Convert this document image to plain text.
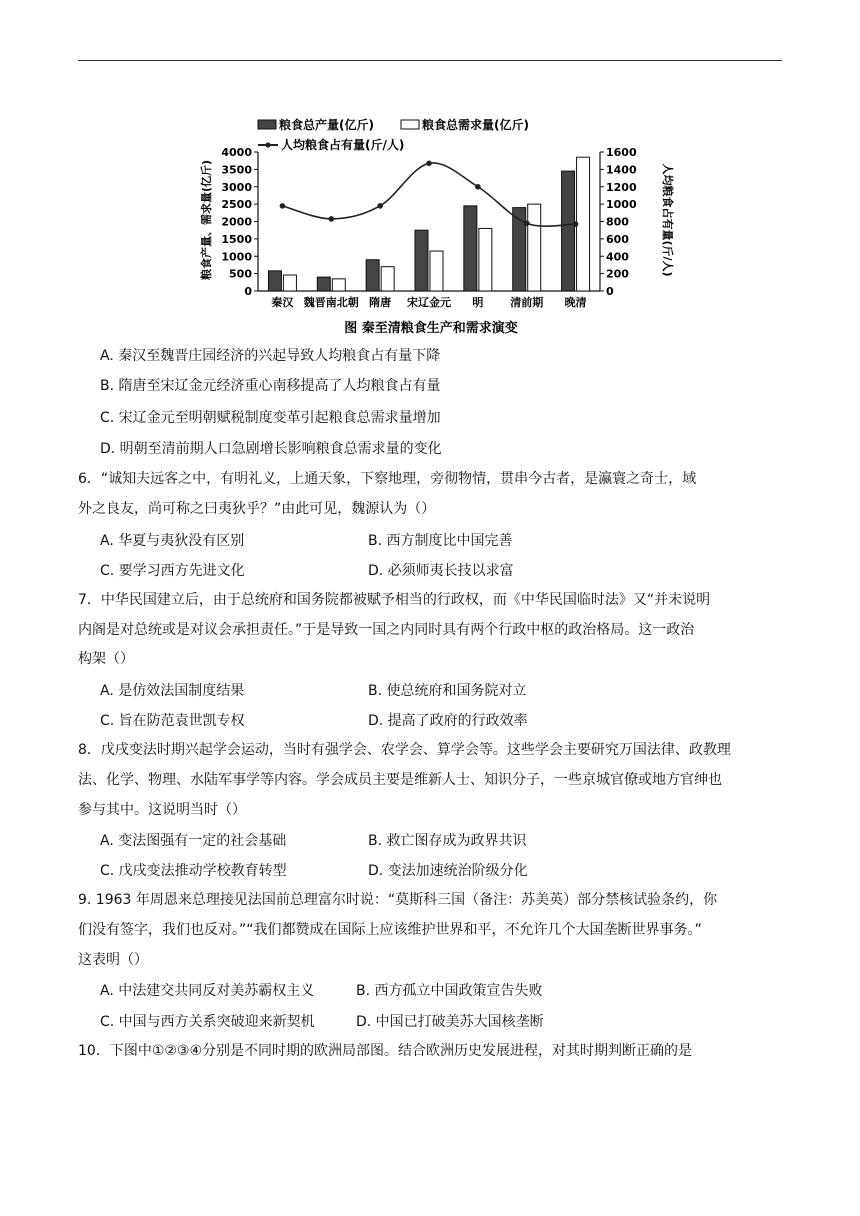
粮食总产量(亿斤)	粮食总需求量(亿斤)
人均粮食占有量(斤/人)
粮食产量、需求量(亿斤)	人均粮食占有量(斤/人)
图 秦至清粮食生产和需求演变
4000
3500
3000
2500
2000
1500
1000
500
0
1600
1400
1200
1000
800
600
400
200
0
秦汉 魏晋南北朝 隋唐 宋辽金元 明 清前期 晚清
A. 秦汉至魏晋庄园经济的兴起导致人均粮食占有量下降
B. 隋唐至宋辽金元经济重心南移提高了人均粮食占有量
C. 宋辽金元至明朝赋税制度变革引起粮食总需求量增加
D. 明朝至清前期人口急剧增长影响粮食总需求量的变化
6．“诚知夫远客之中，有明礼义，上通天象，下察地理，旁彻物情，贯串今古者，是瀛寰之奇士，域
外之良友，尚可称之曰夷狄乎？”由此可见，魏源认为（）
A. 华夏与夷狄没有区别	B. 西方制度比中国完善
C. 要学习西方先进文化	D. 必须师夷长技以求富
7．中华民国建立后，由于总统府和国务院都被赋予相当的行政权，而《中华民国临时法》又“并未说明
内阁是对总统或是对议会承担责任。”于是导致一国之内同时具有两个行政中枢的政治格局。这一政治
构架（）
A. 是仿效法国制度结果	B. 使总统府和国务院对立
C. 旨在防范袁世凯专权	D. 提高了政府的行政效率
8．戊戌变法时期兴起学会运动，当时有强学会、农学会、算学会等。这些学会主要研究万国法律、政教理
法、化学、物理、水陆军事学等内容。学会成员主要是维新人士、知识分子，一些京城官僚或地方官绅也
参与其中。这说明当时（）
A. 变法图强有一定的社会基础	B. 救亡图存成为政界共识
C. 戊戌变法推动学校教育转型	D. 变法加速统治阶级分化
9. 1963 年周恩来总理接见法国前总理富尔时说：“莫斯科三国（备注：苏美英）部分禁核试验条约，你
们没有签字，我们也反对。”“我们都赞成在国际上应该维护世界和平，不允许几个大国垄断世界事务。”
这表明（）
A. 中法建交共同反对美苏霸权主义	B. 西方孤立中国政策宣告失败
C. 中国与西方关系突破迎来新契机	D. 中国已打破美苏大国核垄断
10．下图中①②③④分别是不同时期的欧洲局部图。结合欧洲历史发展进程，对其时期判断正确的是
